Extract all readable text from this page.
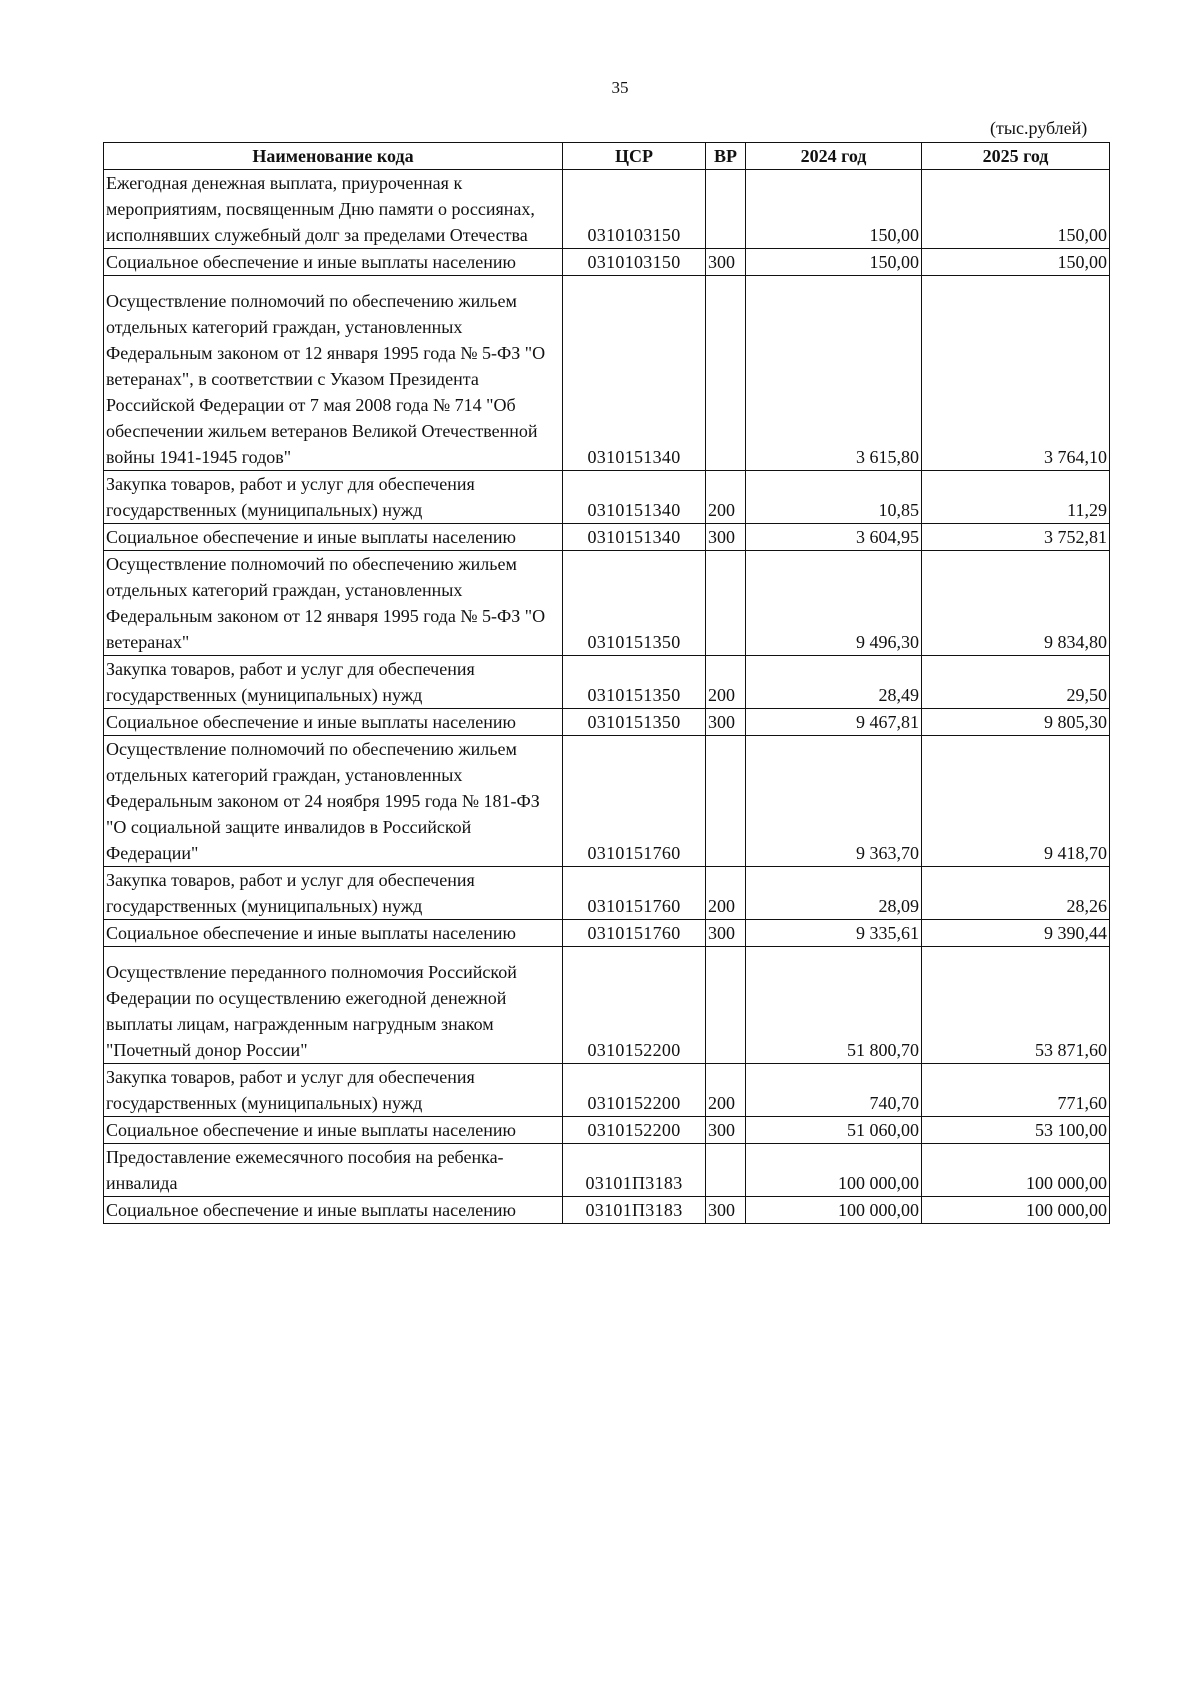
35
(тыс.рублей)
Наименование кода	ЦСР	ВР	2024 год	2025 год
Ежегодная денежная выплата, приуроченная к мероприятиям, посвященным Дню памяти о россиянах, исполнявших служебный долг за пределами Отечества	0310103150		150,00	150,00
Социальное обеспечение и иные выплаты населению	0310103150	300	150,00	150,00
Осуществление полномочий по обеспечению жильем отдельных категорий граждан, установленных Федеральным законом от 12 января 1995 года № 5-ФЗ "О ветеранах", в соответствии с Указом Президента Российской Федерации от 7 мая 2008 года № 714 "Об обеспечении жильем ветеранов Великой Отечественной войны 1941-1945 годов"	0310151340		3 615,80	3 764,10
Закупка товаров, работ и услуг для обеспечения государственных (муниципальных) нужд	0310151340	200	10,85	11,29
Социальное обеспечение и иные выплаты населению	0310151340	300	3 604,95	3 752,81
Осуществление полномочий по обеспечению жильем отдельных категорий граждан, установленных Федеральным законом от 12 января 1995 года № 5-ФЗ "О ветеранах"	0310151350		9 496,30	9 834,80
Закупка товаров, работ и услуг для обеспечения государственных (муниципальных) нужд	0310151350	200	28,49	29,50
Социальное обеспечение и иные выплаты населению	0310151350	300	9 467,81	9 805,30
Осуществление полномочий по обеспечению жильем отдельных категорий граждан, установленных Федеральным законом от 24 ноября 1995 года № 181-ФЗ "О социальной защите инвалидов в Российской Федерации"	0310151760		9 363,70	9 418,70
Закупка товаров, работ и услуг для обеспечения государственных (муниципальных) нужд	0310151760	200	28,09	28,26
Социальное обеспечение и иные выплаты населению	0310151760	300	9 335,61	9 390,44
Осуществление переданного полномочия Российской Федерации по осуществлению ежегодной денежной выплаты лицам, награжденным нагрудным знаком "Почетный донор России"	0310152200		51 800,70	53 871,60
Закупка товаров, работ и услуг для обеспечения государственных (муниципальных) нужд	0310152200	200	740,70	771,60
Социальное обеспечение и иные выплаты населению	0310152200	300	51 060,00	53 100,00
Предоставление ежемесячного пособия на ребенка-инвалида	03101П3183		100 000,00	100 000,00
Социальное обеспечение и иные выплаты населению	03101П3183	300	100 000,00	100 000,00
